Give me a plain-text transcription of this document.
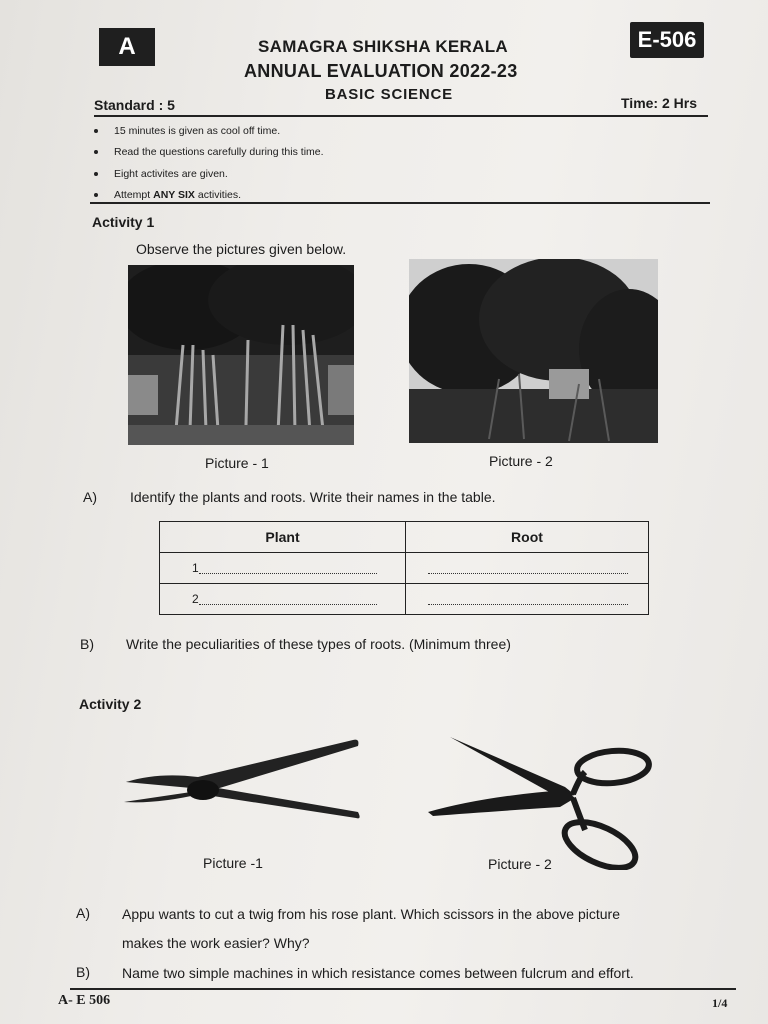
A	E-506
SAMAGRA SHIKSHA KERALA
ANNUAL EVALUATION 2022-23
BASIC SCIENCE
Standard : 5	Time: 2 Hrs
15 minutes is given as cool off time.
Read the questions carefully during this time.
Eight activites are given.
Attempt ANY SIX activities.
Activity 1
Observe the pictures given below.
Picture - 1	Picture - 2
A) Identify the plants and roots. Write their names in the table.
Plant	Root
1	
2	
B) Write the peculiarities of these types of roots. (Minimum three)
Activity 2
Picture -1	Picture - 2
A) Appu wants to cut a twig from his rose plant. Which scissors in the above picture
makes the work easier? Why?
B) Name two simple machines in which resistance comes between fulcrum and effort.
A- E 506	1/4
